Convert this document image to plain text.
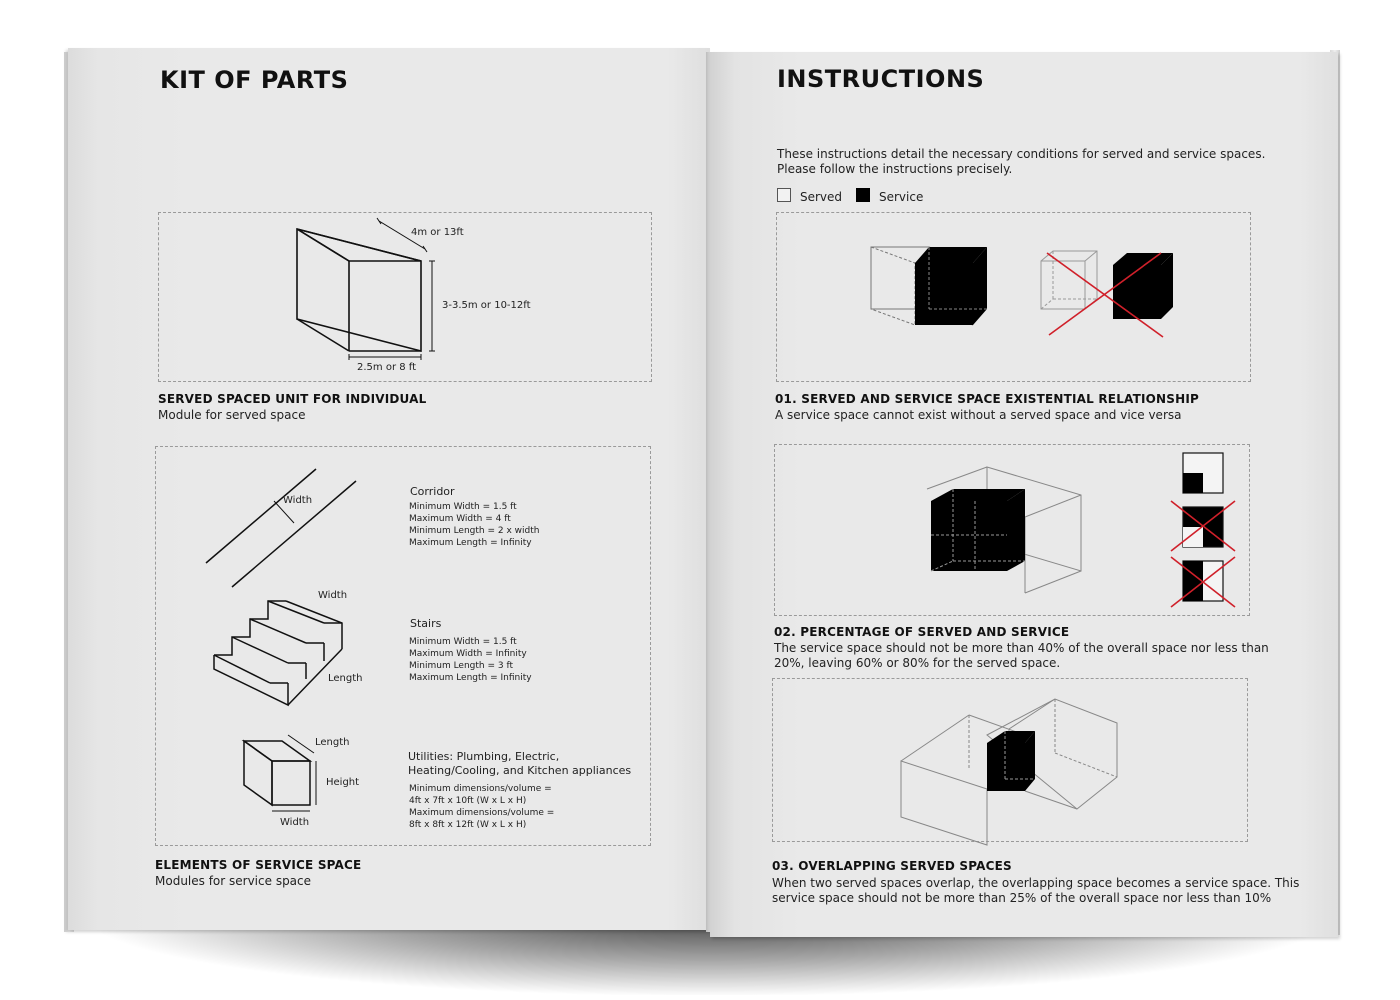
KIT OF PARTS
4m or 13ft
3-3.5m or 10-12ft
2.5m or 8 ft
SERVED SPACED UNIT FOR INDIVIDUAL
Module for served space
Width
Corridor
Minimum Width = 1.5 ft
Maximum Width = 4 ft
Minimum Length = 2 x width
Maximum Length = Infinity
Width
Length
Stairs
Minimum Width = 1.5 ft
Maximum Width = Infinity
Minimum Length = 3 ft
Maximum Length = Infinity
Length
Height
Width
Utilities: Plumbing, Electric,
Heating/Cooling, and Kitchen appliances
Minimum dimensions/volume =
4ft x 7ft x 10ft (W x L x H)
Maximum dimensions/volume =
8ft x 8ft x 12ft (W x L x H)
ELEMENTS OF SERVICE SPACE
Modules for service space
INSTRUCTIONS
These instructions detail the necessary conditions for served and service spaces.
Please follow the instructions precisely.
Served	Service
01. SERVED AND SERVICE SPACE EXISTENTIAL RELATIONSHIP
A service space cannot exist without a served space and vice versa
02. PERCENTAGE OF SERVED AND SERVICE
The service space should not be more than 40% of the overall space nor less than
20%, leaving 60% or 80% for the served space.
03. OVERLAPPING SERVED SPACES
When two served spaces overlap, the overlapping space becomes a service space. This
service space should not be more than 25% of the overall space nor less than 10%
